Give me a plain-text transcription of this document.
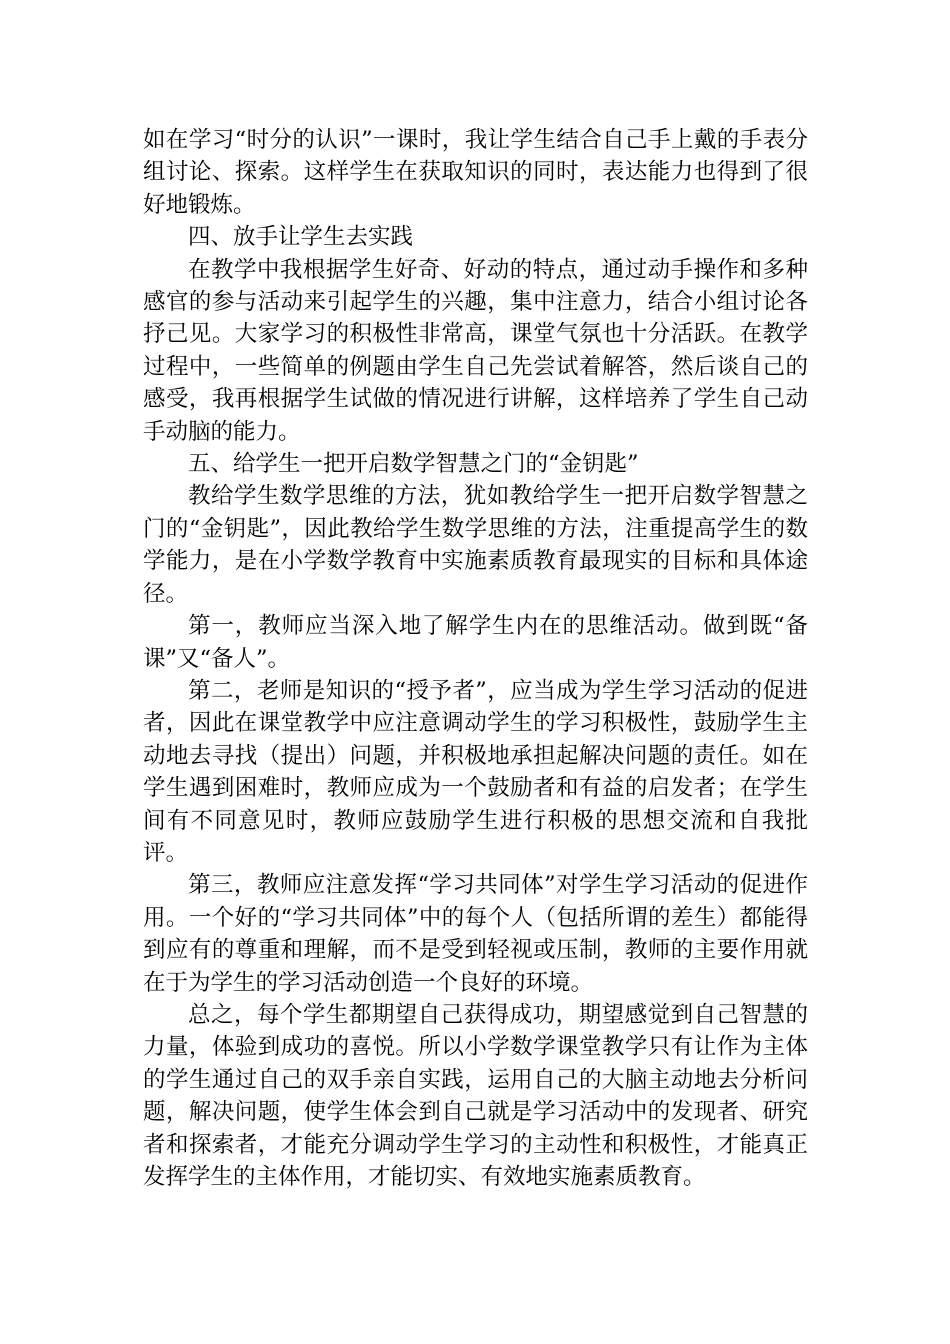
如在学习“时分的认识”一课时，我让学生结合自己手上戴的手表分组讨论、探索。这样学生在获取知识的同时，表达能力也得到了很好地锻炼。

四、放手让学生去实践

在教学中我根据学生好奇、好动的特点，通过动手操作和多种感官的参与活动来引起学生的兴趣，集中注意力，结合小组讨论各抒己见。大家学习的积极性非常高，课堂气氛也十分活跃。在教学过程中，一些简单的例题由学生自己先尝试着解答，然后谈自己的感受，我再根据学生试做的情况进行讲解，这样培养了学生自己动手动脑的能力。

五、给学生一把开启数学智慧之门的“金钥匙”

教给学生数学思维的方法，犹如教给学生一把开启数学智慧之门的“金钥匙”，因此教给学生数学思维的方法，注重提高学生的数学能力，是在小学数学教育中实施素质教育最现实的目标和具体途径。

第一，教师应当深入地了解学生内在的思维活动。做到既“备课”又“备人”。

第二，老师是知识的“授予者”，应当成为学生学习活动的促进者，因此在课堂教学中应注意调动学生的学习积极性，鼓励学生主动地去寻找（提出）问题，并积极地承担起解决问题的责任。如在学生遇到困难时，教师应成为一个鼓励者和有益的启发者；在学生间有不同意见时，教师应鼓励学生进行积极的思想交流和自我批评。

第三，教师应注意发挥“学习共同体”对学生学习活动的促进作用。一个好的“学习共同体”中的每个人（包括所谓的差生）都能得到应有的尊重和理解，而不是受到轻视或压制，教师的主要作用就在于为学生的学习活动创造一个良好的环境。

总之，每个学生都期望自己获得成功，期望感觉到自己智慧的力量，体验到成功的喜悦。所以小学数学课堂教学只有让作为主体的学生通过自己的双手亲自实践，运用自己的大脑主动地去分析问题，解决问题，使学生体会到自己就是学习活动中的发现者、研究者和探索者，才能充分调动学生学习的主动性和积极性，才能真正发挥学生的主体作用，才能切实、有效地实施素质教育。
